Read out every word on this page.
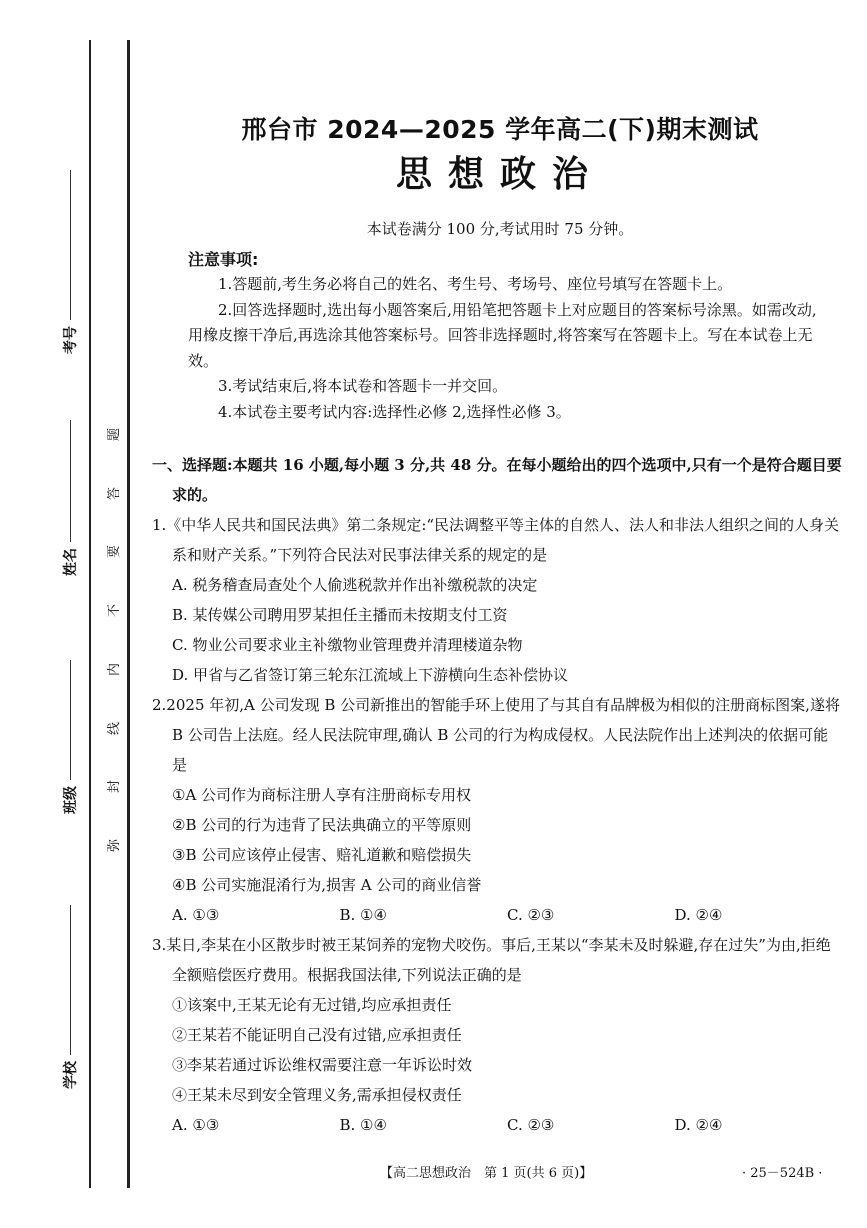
考号
姓名
班级
学校
题
答
要
不
内
线
封
弥
邢台市 2024—2025 学年高二(下)期末测试
思想政治
本试卷满分 100 分,考试用时 75 分钟。
注意事项:

1.答题前,考生务必将自己的姓名、考生号、考场号、座位号填写在答题卡上。

2.回答选择题时,选出每小题答案后,用铅笔把答题卡上对应题目的答案标号涂黑。如需改动,用橡皮擦干净后,再选涂其他答案标号。回答非选择题时,将答案写在答题卡上。写在本试卷上无效。

3.考试结束后,将本试卷和答题卡一并交回。

4.本试卷主要考试内容:选择性必修 2,选择性必修 3。

一、选择题:本题共 16 小题,每小题 3 分,共 48 分。在每小题给出的四个选项中,只有一个是符合题目要求的。

1.《中华人民共和国民法典》第二条规定:“民法调整平等主体的自然人、法人和非法人组织之间的人身关系和财产关系。”下列符合民法对民事法律关系的规定的是

A. 税务稽查局查处个人偷逃税款并作出补缴税款的决定

B. 某传媒公司聘用罗某担任主播而未按期支付工资

C. 物业公司要求业主补缴物业管理费并清理楼道杂物

D. 甲省与乙省签订第三轮东江流域上下游横向生态补偿协议

2.2025 年初,A 公司发现 B 公司新推出的智能手环上使用了与其自有品牌极为相似的注册商标图案,遂将 B 公司告上法庭。经人民法院审理,确认 B 公司的行为构成侵权。人民法院作出上述判决的依据可能是

①A 公司作为商标注册人享有注册商标专用权

②B 公司的行为违背了民法典确立的平等原则

③B 公司应该停止侵害、赔礼道歉和赔偿损失

④B 公司实施混淆行为,损害 A 公司的商业信誉

A. ①③	B. ①④	C. ②③	D. ②④

3.某日,李某在小区散步时被王某饲养的宠物犬咬伤。事后,王某以“李某未及时躲避,存在过失”为由,拒绝全额赔偿医疗费用。根据我国法律,下列说法正确的是

①该案中,王某无论有无过错,均应承担责任

②王某若不能证明自己没有过错,应承担责任

③李某若通过诉讼维权需要注意一年诉讼时效

④王某未尽到安全管理义务,需承担侵权责任

A. ①③	B. ①④	C. ②③	D. ②④
【高二思想政治　第 1 页(共 6 页)】	· 25－524B ·
